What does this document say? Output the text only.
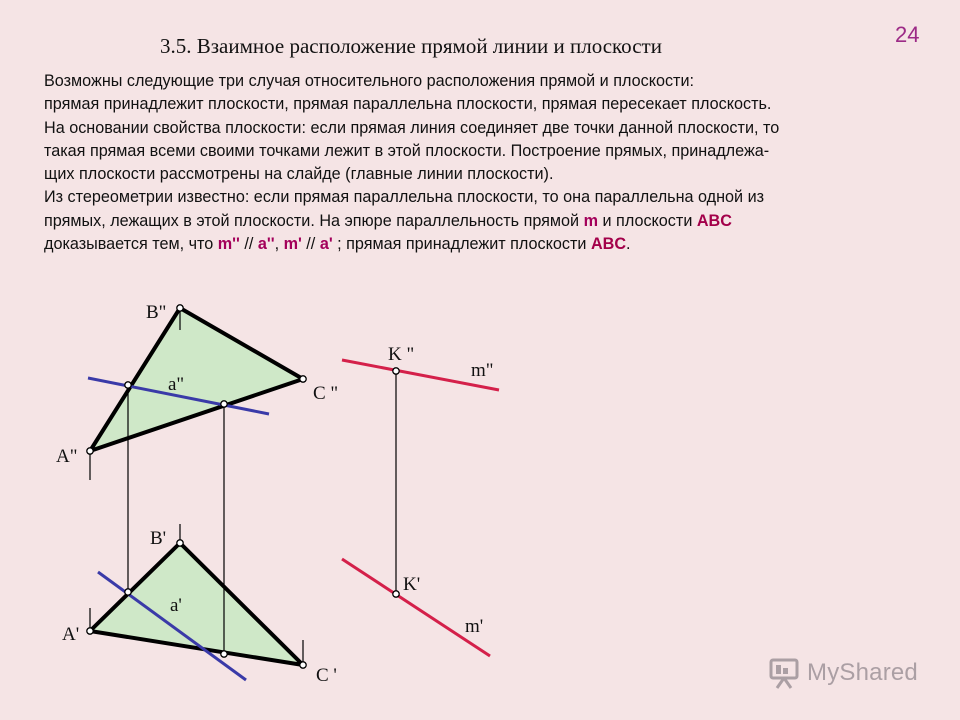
24
3.5. Взаимное расположение прямой линии и плоскости
Возможны следующие три случая относительного расположения прямой и плоскости:
прямая принадлежит плоскости, прямая параллельна плоскости, прямая пересекает плоскость.
На основании свойства плоскости: если прямая линия соединяет две точки данной плоскости, то
такая прямая всеми своими точками лежит в этой плоскости. Построение прямых, принадлежа-
щих плоскости рассмотрены на слайде (главные линии плоскости).
Из стереометрии известно: если прямая параллельна плоскости, то она параллельна одной из
прямых, лежащих в этой плоскости. На эпюре параллельность прямой m и плоскости ABC
доказывается тем, что m'' // a'', m' // a' ; прямая принадлежит плоскости ABC.
B"
a"	C "
A"
K "
m"
B'
a'
A'
C '
K'
m'
MyShared
